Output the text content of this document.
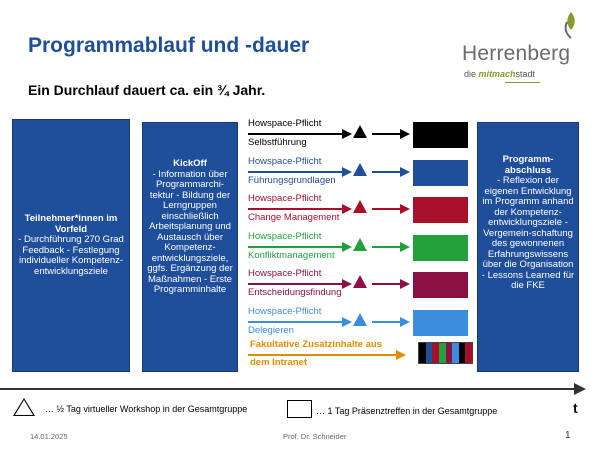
Programmablauf und -dauer
Ein Durchlauf dauert ca. ein ¾ Jahr.
Herrenberg
die mitmachstadt
Teilnehmer*innen im Vorfeld
- Durchführung 270 Grad Feedback - Festlegung individueller Kompetenz-entwicklungsziele
KickOff
- Information über Programmarchi-tektur - Bildung der Lerngruppen einschließlich Arbeitsplanung und Austausch über Kompetenz-entwicklungsziele, ggfs. Ergänzung der Maßnahmen - Erste Programminhalte
Programm-abschluss
- Reflexion der eigenen Entwicklung im Programm anhand der Kompetenz-entwicklungsziele - Vergemein-schaftung des gewonnenen Erfahrungswissens über die Organisation - Lessons Learned für die FKE
Howspace-Pflicht
Selbstführung
Howspace-Pflicht
Führungsgrundlagen
Howspace-Pflicht
Change Management
Howspace-Pflicht
Konfliktmanagement
Howspace-Pflicht
Entscheidungsfindung
Howspace-Pflicht
Delegieren
Fakultative Zusatzinhalte aus
dem Intranet
t
… ½ Tag virtueller Workshop in der Gesamtgruppe	… 1 Tag Präsenztreffen in der Gesamtgruppe
14.01.2025	Prof. Dr. Schneider	1
